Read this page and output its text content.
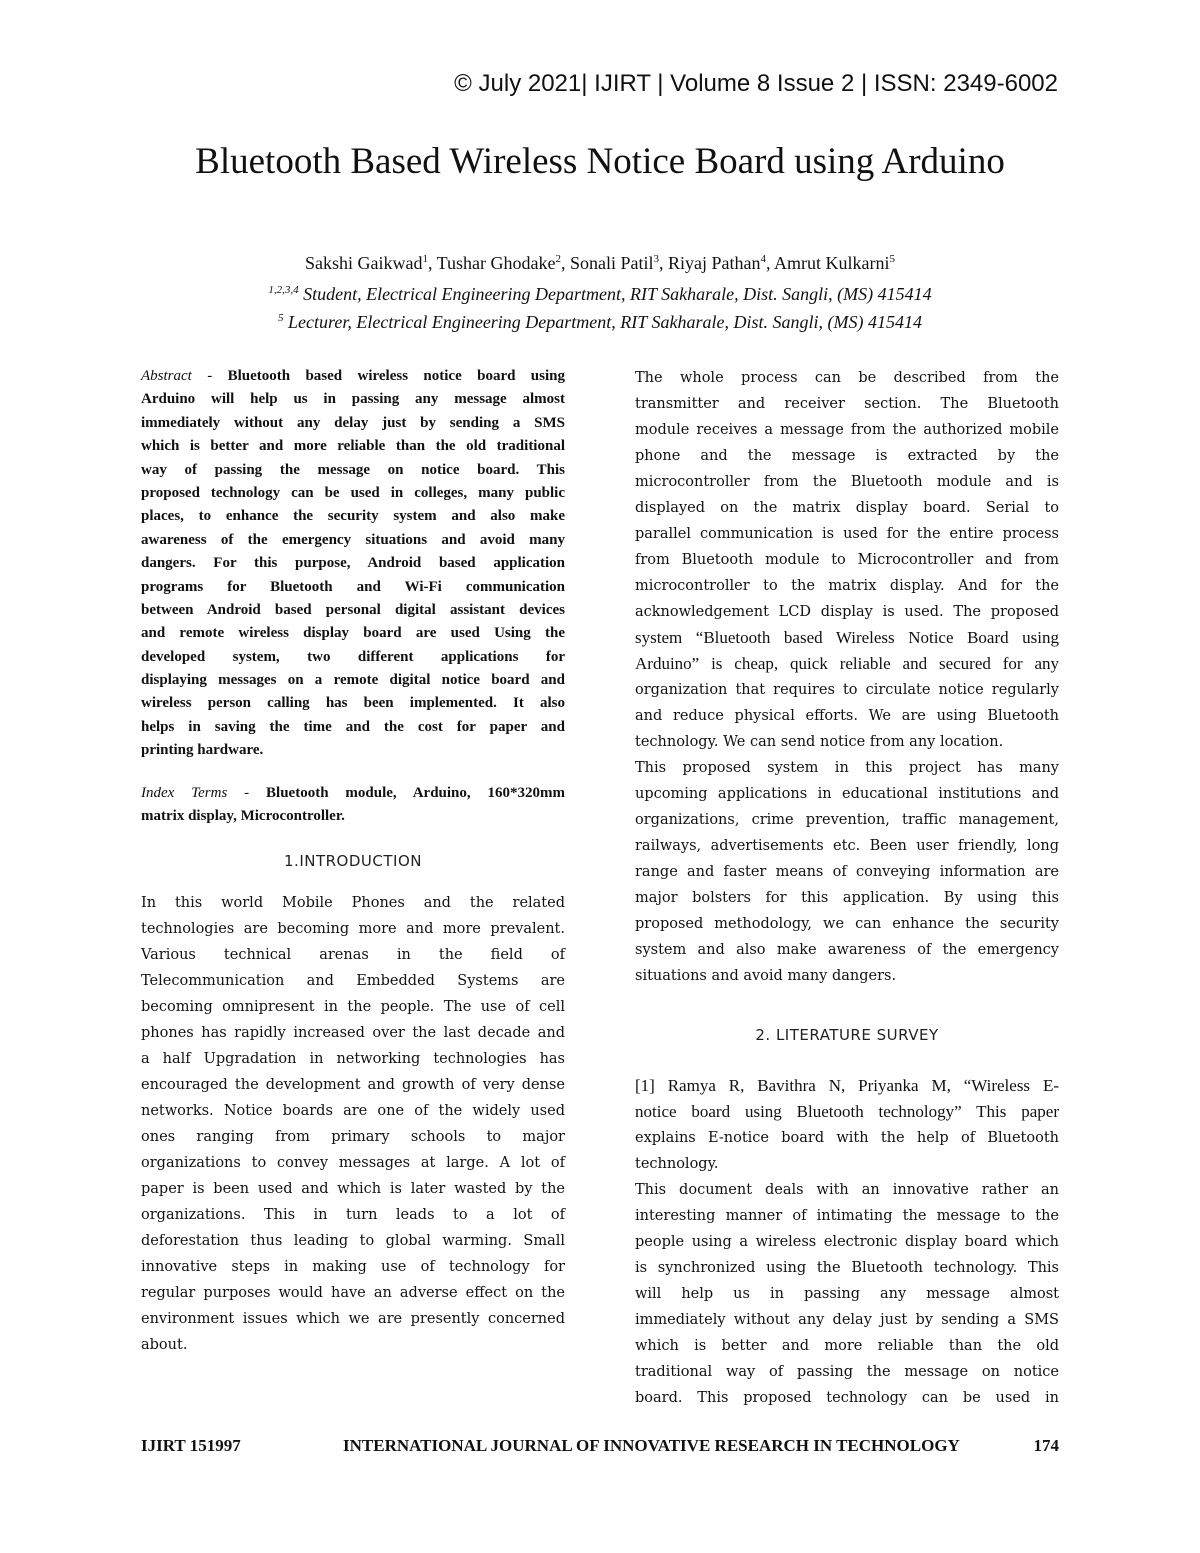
© July 2021| IJIRT | Volume 8 Issue 2 | ISSN: 2349-6002
Bluetooth Based Wireless Notice Board using Arduino
Sakshi Gaikwad$^1$, Tushar Ghodake$^2$, Sonali Patil$^3$, Riyaj Pathan$^4$, Amrut Kulkarni$^5$
$^{1,2,3,4}$ Student, Electrical Engineering Department, RIT Sakharale, Dist. Sangli, (MS) 415414
$^5$ Lecturer, Electrical Engineering Department, RIT Sakharale, Dist. Sangli, (MS) 415414
Abstract - Bluetooth based wireless notice board using
Arduino will help us in passing any message almost
immediately without any delay just by sending a SMS
which is better and more reliable than the old traditional
way of passing the message on notice board. This
proposed technology can be used in colleges, many public
places, to enhance the security system and also make
awareness of the emergency situations and avoid many
dangers. For this purpose, Android based application
programs for Bluetooth and Wi-Fi communication
between Android based personal digital assistant devices
and remote wireless display board are used Using the
developed system, two different applications for
displaying messages on a remote digital notice board and
wireless person calling has been implemented. It also
helps in saving the time and the cost for paper and
printing hardware.
Index Terms - Bluetooth module, Arduino, 160*320mm
matrix display, Microcontroller.
1.INTRODUCTION
In this world Mobile Phones and the related
technologies are becoming more and more prevalent.
Various technical arenas in the field of
Telecommunication and Embedded Systems are
becoming omnipresent in the people. The use of cell
phones has rapidly increased over the last decade and
a half Upgradation in networking technologies has
encouraged the development and growth of very dense
networks. Notice boards are one of the widely used
ones ranging from primary schools to major
organizations to convey messages at large. A lot of
paper is been used and which is later wasted by the
organizations. This in turn leads to a lot of
deforestation thus leading to global warming. Small
innovative steps in making use of technology for
regular purposes would have an adverse effect on the
environment issues which we are presently concerned
about.
The whole process can be described from the
transmitter and receiver section. The Bluetooth
module receives a message from the authorized mobile
phone and the message is extracted by the
microcontroller from the Bluetooth module and is
displayed on the matrix display board. Serial to
parallel communication is used for the entire process
from Bluetooth module to Microcontroller and from
microcontroller to the matrix display. And for the
acknowledgement LCD display is used. The proposed
system “Bluetooth based Wireless Notice Board using
Arduino” is cheap, quick reliable and secured for any
organization that requires to circulate notice regularly
and reduce physical efforts. We are using Bluetooth
technology. We can send notice from any location.
This proposed system in this project has many
upcoming applications in educational institutions and
organizations, crime prevention, traffic management,
railways, advertisements etc. Been user friendly, long
range and faster means of conveying information are
major bolsters for this application. By using this
proposed methodology, we can enhance the security
system and also make awareness of the emergency
situations and avoid many dangers.
2. LITERATURE SURVEY
[1] Ramya R, Bavithra N, Priyanka M, “Wireless E-
notice board using Bluetooth technology” This paper
explains E-notice board with the help of Bluetooth
technology.
This document deals with an innovative rather an
interesting manner of intimating the message to the
people using a wireless electronic display board which
is synchronized using the Bluetooth technology. This
will help us in passing any message almost
immediately without any delay just by sending a SMS
which is better and more reliable than the old
traditional way of passing the message on notice
board. This proposed technology can be used in
IJIRT 151997	INTERNATIONAL JOURNAL OF INNOVATIVE RESEARCH IN TECHNOLOGY	174
